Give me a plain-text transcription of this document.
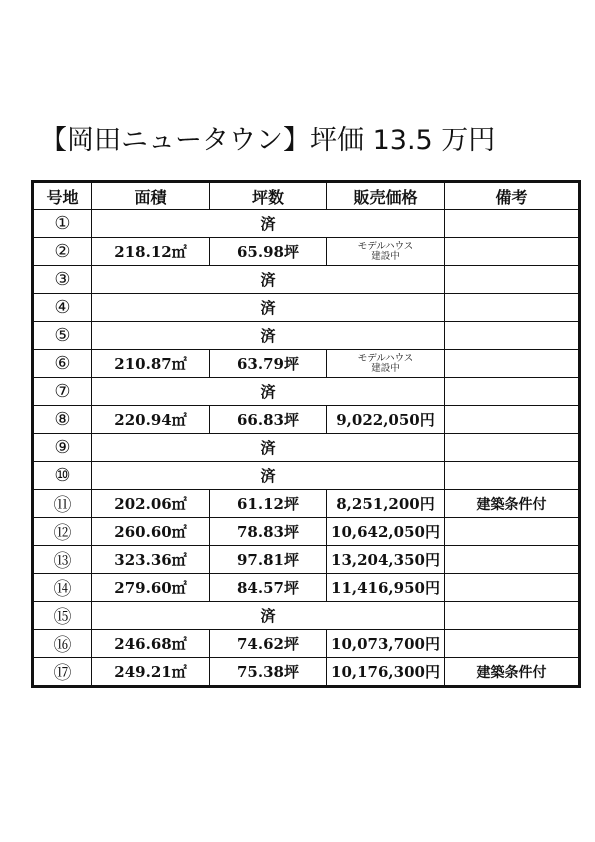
【岡田ニュータウン】坪価 13.5 万円
号地	面積	坪数	販売価格	備考
①	済			
②	218.12㎡	65.98坪	モデルハウス
建設中	

③	済			
④	済			
⑤	済			
⑥	210.87㎡	63.79坪	モデルハウス
建設中	

⑦	済			
⑧	220.94㎡	66.83坪	9,022,050円	
⑨	済			
⑩	済			
⑪	202.06㎡	61.12坪	8,251,200円	建築条件付
⑫	260.60㎡	78.83坪	10,642,050円	
⑬	323.36㎡	97.81坪	13,204,350円	
⑭	279.60㎡	84.57坪	11,416,950円	
⑮	済			
⑯	246.68㎡	74.62坪	10,073,700円	
⑰	249.21㎡	75.38坪	10,176,300円	建築条件付
